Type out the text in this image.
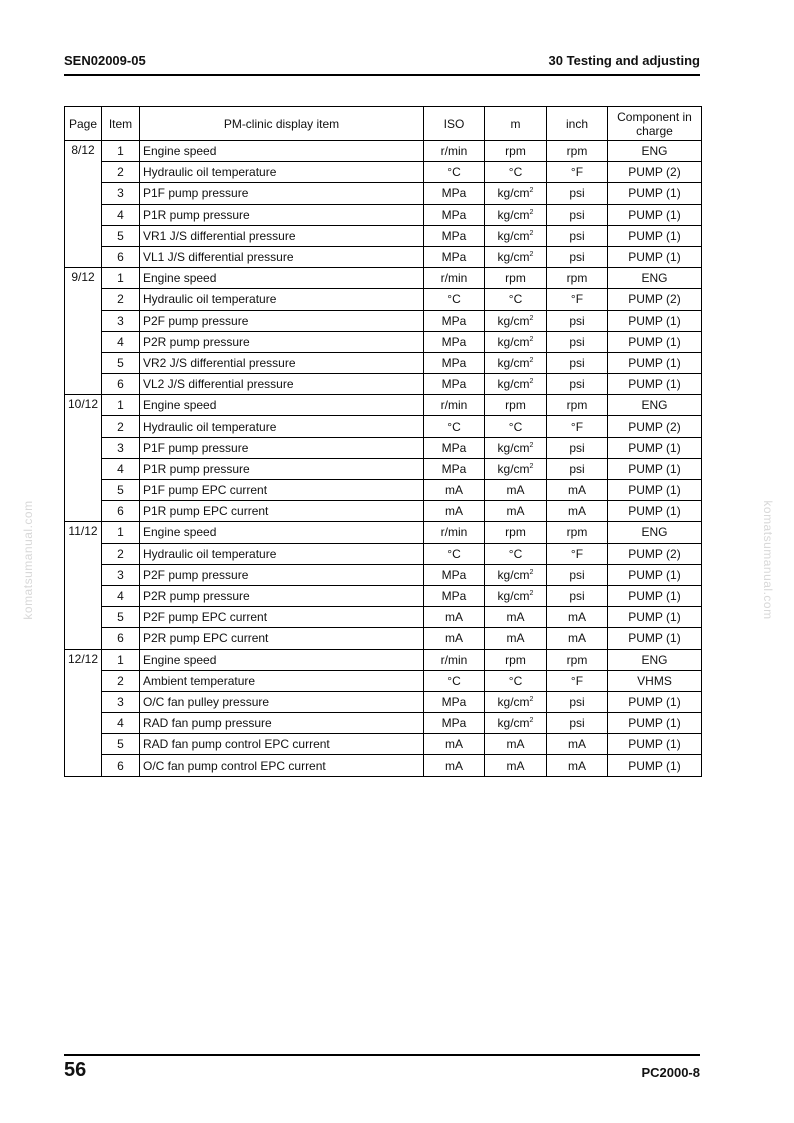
SEN02009-05	30 Testing and adjusting
Page	Item	PM-clinic display item	ISO	m	inch	Component in charge
8/12	1	Engine speed	r/min	rpm	rpm	ENG
	2	Hydraulic oil temperature	°C	°C	°F	PUMP (2)
	3	P1F pump pressure	MPa	$kg/cm^2$	psi	PUMP (1)
	4	P1R pump pressure	MPa	$kg/cm^2$	psi	PUMP (1)
	5	VR1 J/S differential pressure	MPa	$kg/cm^2$	psi	PUMP (1)
	6	VL1 J/S differential pressure	MPa	$kg/cm^2$	psi	PUMP (1)
9/12	1	Engine speed	r/min	rpm	rpm	ENG
	2	Hydraulic oil temperature	°C	°C	°F	PUMP (2)
	3	P2F pump pressure	MPa	$kg/cm^2$	psi	PUMP (1)
	4	P2R pump pressure	MPa	$kg/cm^2$	psi	PUMP (1)
	5	VR2 J/S differential pressure	MPa	$kg/cm^2$	psi	PUMP (1)
	6	VL2 J/S differential pressure	MPa	$kg/cm^2$	psi	PUMP (1)
10/12	1	Engine speed	r/min	rpm	rpm	ENG
	2	Hydraulic oil temperature	°C	°C	°F	PUMP (2)
	3	P1F pump pressure	MPa	$kg/cm^2$	psi	PUMP (1)
	4	P1R pump pressure	MPa	$kg/cm^2$	psi	PUMP (1)
	5	P1F pump EPC current	mA	mA	mA	PUMP (1)
	6	P1R pump EPC current	mA	mA	mA	PUMP (1)
11/12	1	Engine speed	r/min	rpm	rpm	ENG
	2	Hydraulic oil temperature	°C	°C	°F	PUMP (2)
	3	P2F pump pressure	MPa	$kg/cm^2$	psi	PUMP (1)
	4	P2R pump pressure	MPa	$kg/cm^2$	psi	PUMP (1)
	5	P2F pump EPC current	mA	mA	mA	PUMP (1)
	6	P2R pump EPC current	mA	mA	mA	PUMP (1)
12/12	1	Engine speed	r/min	rpm	rpm	ENG
	2	Ambient temperature	°C	°C	°F	VHMS
	3	O/C fan pulley pressure	MPa	$kg/cm^2$	psi	PUMP (1)
	4	RAD fan pump pressure	MPa	$kg/cm^2$	psi	PUMP (1)
	5	RAD fan pump control EPC current	mA	mA	mA	PUMP (1)
	6	O/C fan pump control EPC current	mA	mA	mA	PUMP (1)
komatsumanual.com	komatsumanual.com
56	PC2000-8
